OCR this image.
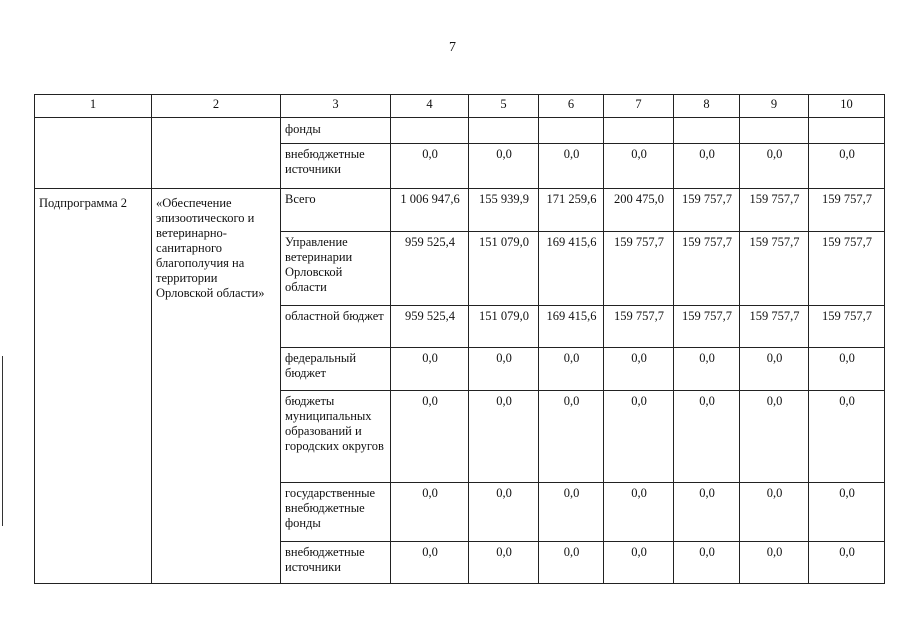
7
1	2	3	4	5	6	7	8	9	10
		фонды							
		внебюджетные источники	0,0	0,0	0,0	0,0	0,0	0,0	0,0
Подпрограмма 2	«Обеспечение эпизоотического и ветеринарно-санитарного благополучия на территории Орловской области»	Всего	1 006 947,6	155 939,9	171 259,6	200 475,0	159 757,7	159 757,7	159 757,7
		Управление ветеринарии Орловской области	959 525,4	151 079,0	169 415,6	159 757,7	159 757,7	159 757,7	159 757,7
		областной бюджет	959 525,4	151 079,0	169 415,6	159 757,7	159 757,7	159 757,7	159 757,7
		федеральный бюджет	0,0	0,0	0,0	0,0	0,0	0,0	0,0
		бюджеты муниципальных образований и городских округов	0,0	0,0	0,0	0,0	0,0	0,0	0,0
		государственные внебюджетные фонды	0,0	0,0	0,0	0,0	0,0	0,0	0,0
		внебюджетные источники	0,0	0,0	0,0	0,0	0,0	0,0	0,0
